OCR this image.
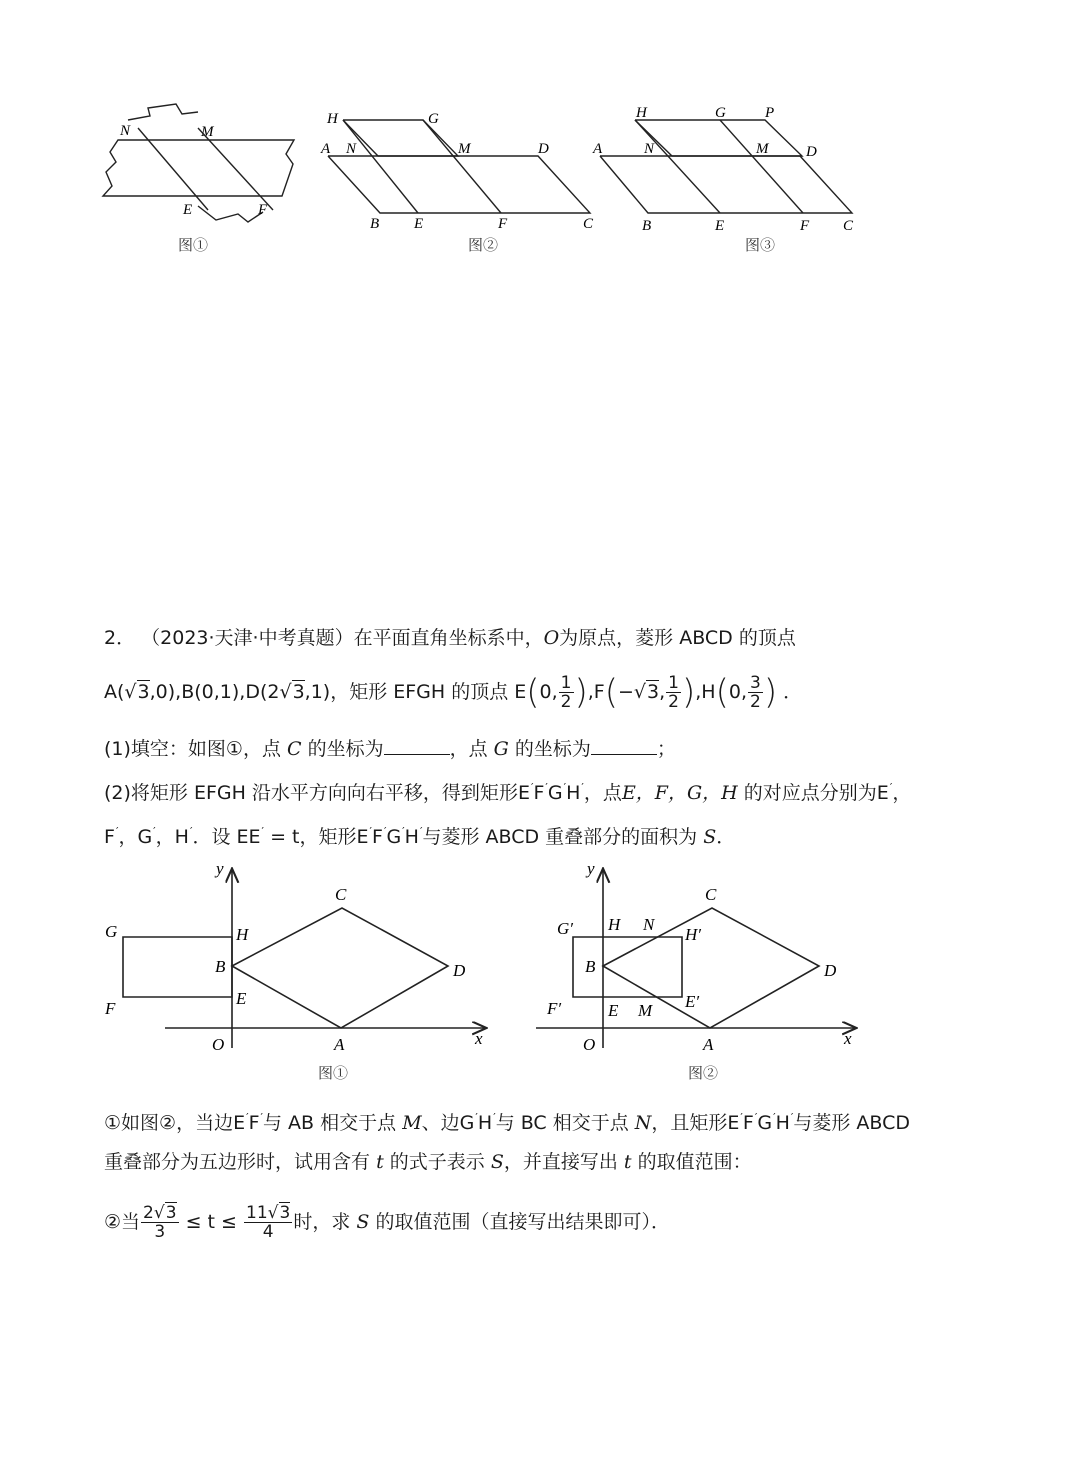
N	M
E	F
图①
H	G
A N	M	D
B E	F	C
图②
H	G	P
A	N	M	D
B	E	F C
图③
2． （2023·天津·中考真题）在平面直角坐标系中，O为原点，菱形 ABCD 的顶点
A(√3,0),B(0,1),D(2√3,1)，矩形 EFGH 的顶点 E(0, $\frac{1}{2} ),F(-√3$, $\frac{1}{2} ),H(0$, $\frac{3}{2}$ ) ．
(1)填空：如图①，点 C 的坐标为	，点 G 的坐标为	；
(2)将矩形 EFGH 沿水平方向向右平移，得到矩形E′F′G′H′，点E，F，G，H 的对应点分别为E′，
F′，G′，H′．设 EE′ = t，矩形E′F′G′H′与菱形 ABCD 重叠部分的面积为 S．
y
x
O
G	H
B
F
E
C
D
A
图①
y
x
O
G′ H N
H′
B
F′	E M E′
C
D
A
图②
①如图②，当边E′F′与 AB 相交于点 M、边G′H′与 BC 相交于点 N，且矩形E′F′G′H′与菱形 ABCD
重叠部分为五边形时，试用含有 t 的式子表示 S，并直接写出 t 的取值范围：
②当 $\frac{2√3}{3} \le t \le \frac{11√3}{4}$ 时，求 S 的取值范围（直接写出结果即可）．
